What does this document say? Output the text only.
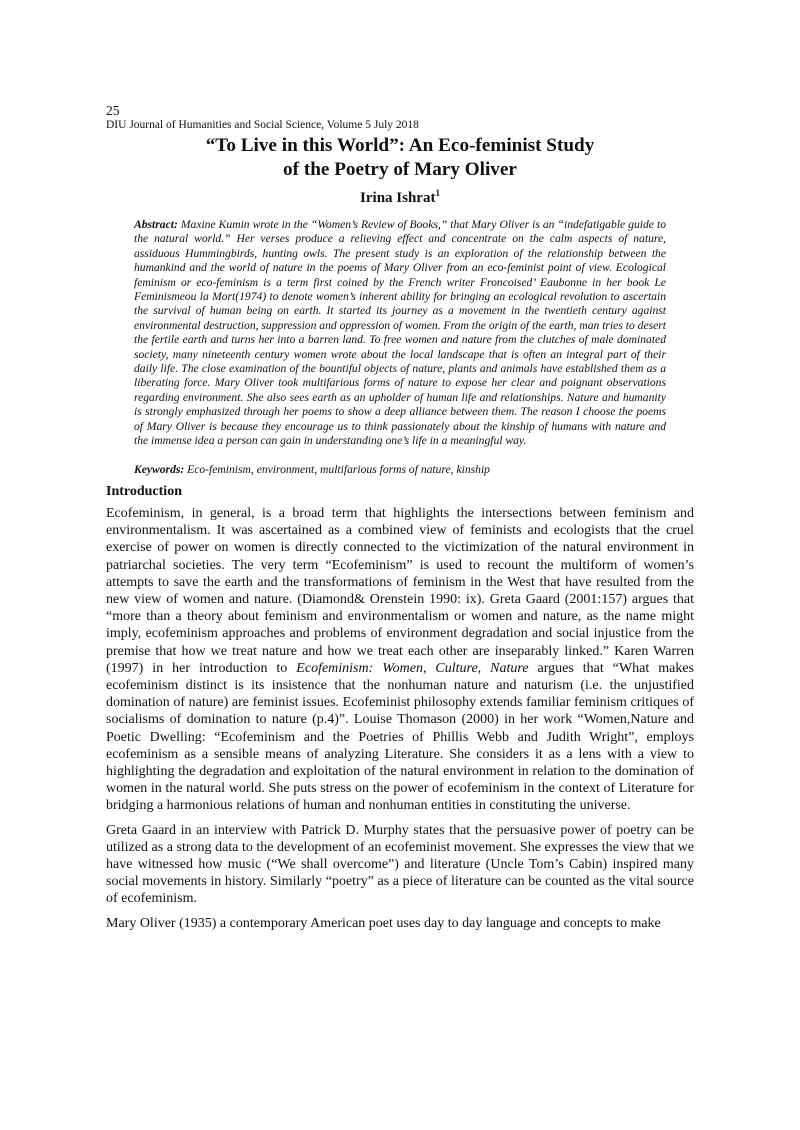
25

DIU Journal of Humanities and Social Science, Volume 5 July 2018

“To Live in this World”: An Eco-feminist Study
of the Poetry of Mary Oliver

Irina Ishrat$^1$

Abstract: Maxine Kumin wrote in the “Women’s Review of Books,” that Mary Oliver is an “indefatigable guide to the natural world.” Her verses produce a relieving effect and concentrate on the calm aspects of nature, assiduous Hummingbirds, hunting owls. The present study is an exploration of the relationship between the humankind and the world of nature in the poems of Mary Oliver from an eco-feminist point of view. Ecological feminism or eco-feminism is a term first coined by the French writer Froncoised’ Eaubonne in her book Le Feminismeou la Mort(1974) to denote women’s inherent ability for bringing an ecological revolution to ascertain the survival of human being on earth. It started its journey as a movement in the twentieth century against environmental destruction, suppression and oppression of women. From the origin of the earth, man tries to desert the fertile earth and turns her into a barren land. To free women and nature from the clutches of male dominated society, many nineteenth century women wrote about the local landscape that is often an integral part of their daily life. The close examination of the bountiful objects of nature, plants and animals have established them as a liberating force. Mary Oliver took multifarious forms of nature to expose her clear and poignant observations regarding environment. She also sees earth as an upholder of human life and relationships. Nature and humanity is strongly emphasized through her poems to show a deep alliance between them. The reason I choose the poems of Mary Oliver is because they encourage us to think passionately about the kinship of humans with nature and the immense idea a person can gain in understanding one’s life in a meaningful way.

Keywords: Eco-feminism, environment, multifarious forms of nature, kinship

Introduction

Ecofeminism, in general, is a broad term that highlights the intersections between feminism and environmentalism. It was ascertained as a combined view of feminists and ecologists that the cruel exercise of power on women is directly connected to the victimization of the natural environment in patriarchal societies. The very term “Ecofeminism” is used to recount the multiform of women’s attempts to save the earth and the transformations of feminism in the West that have resulted from the new view of women and nature. (Diamond& Orenstein 1990: ix). Greta Gaard (2001:157) argues that “more than a theory about feminism and environmentalism or women and nature, as the name might imply, ecofeminism approaches and problems of environment degradation and social injustice from the premise that how we treat nature and how we treat each other are inseparably linked.” Karen Warren (1997) in her introduction to Ecofeminism: Women, Culture, Nature argues that “What makes ecofeminism distinct is its insistence that the nonhuman nature and naturism (i.e. the unjustified domination of nature) are feminist issues. Ecofeminist philosophy extends familiar feminism critiques of socialisms of domination to nature (p.4)”. Louise Thomason (2000) in her work “Women,Nature and Poetic Dwelling: “Ecofeminism and the Poetries of Phillis Webb and Judith Wright”, employs ecofeminism as a sensible means of analyzing Literature. She considers it as a lens with a view to highlighting the degradation and exploitation of the natural environment in relation to the domination of women in the natural world. She puts stress on the power of ecofeminism in the context of Literature for bridging a harmonious relations of human and nonhuman entities in constituting the universe.

Greta Gaard in an interview with Patrick D. Murphy states that the persuasive power of poetry can be utilized as a strong data to the development of an ecofeminist movement. She expresses the view that we have witnessed how music (“We shall overcome”) and literature (Uncle Tom’s Cabin) inspired many social movements in history. Similarly “poetry” as a piece of literature can be counted as the vital source of ecofeminism.

Mary Oliver (1935) a contemporary American poet uses day to day language and concepts to make
